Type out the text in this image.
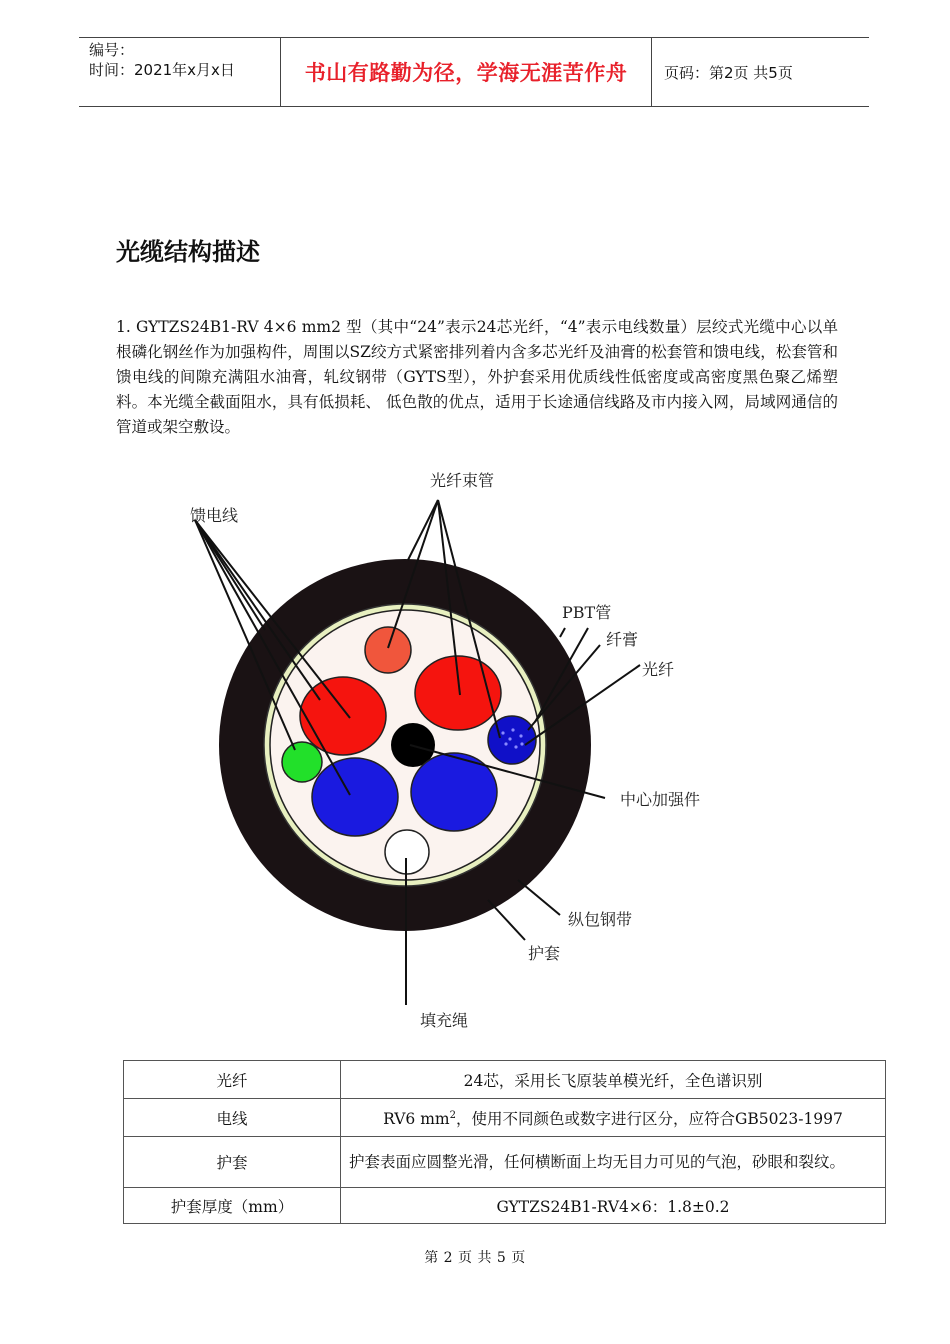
编号：
时间：2021年x月x日	书山有路勤为径，学海无涯苦作舟	页码：第2页 共5页
光缆结构描述
1. GYTZS24B1-RV 4×6 mm2 型（其中“24”表示24芯光纤，“4”表示电线数量）层绞式光缆中心以单根磷化钢丝作为加强构件，周围以SZ绞方式紧密排列着内含多芯光纤及油膏的松套管和馈电线，松套管和馈电线的间隙充满阻水油膏，轧纹钢带（GYTS型），外护套采用优质线性低密度或高密度黑色聚乙烯塑料。本光缆全截面阻水，具有低损耗、 低色散的优点，适用于长途通信线路及市内接入网，局域网通信的管道或架空敷设。
光纤束管
馈电线
PBT管
纤膏
光纤
中心加强件
纵包钢带
护套
填充绳
光纤	24芯，采用长飞原装单模光纤，全色谱识别
电线	RV6 $mm^2$，使用不同颜色或数字进行区分，应符合GB5023-1997
护套	护套表面应圆整光滑，任何横断面上均无目力可见的气泡，砂眼和裂纹。
护套厚度（mm）	GYTZS24B1-RV4×6：1.8±0.2
第 2 页 共 5 页
